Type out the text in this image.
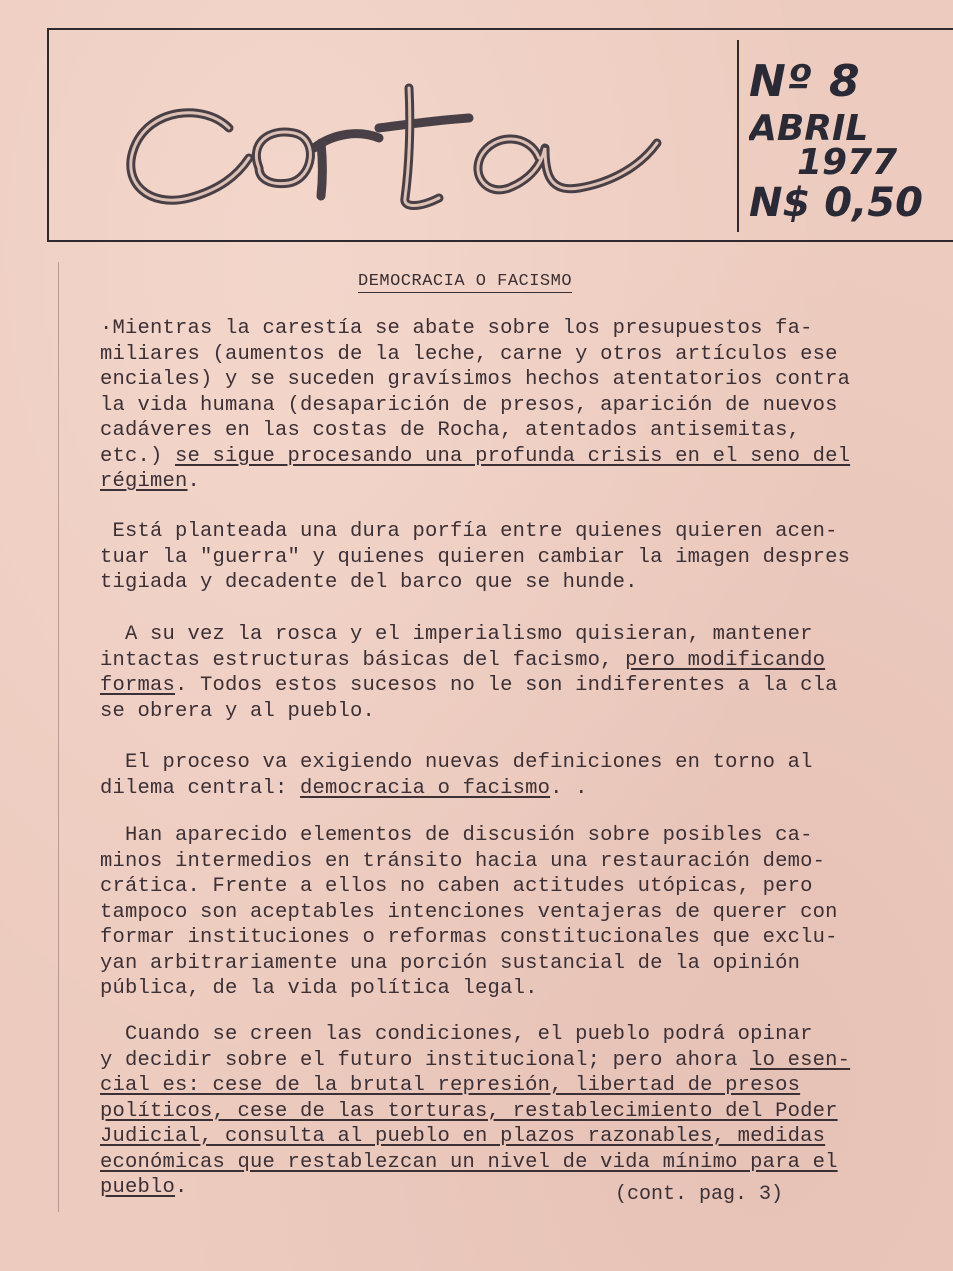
carta
Nº 8
ABRIL
1977
N$ 0,50
DEMOCRACIA O FACISMO
·Mientras la carestía se abate sobre los presupuestos fa-
miliares (aumentos de la leche, carne y otros artículos ese
enciales) y se suceden gravísimos hechos atentatorios contra
la vida humana (desaparición de presos, aparición de nuevos
cadáveres en las costas de Rocha, atentados antisemitas,
etc.) se sigue procesando una profunda crisis en el seno del
régimen.
Está planteada una dura porfía entre quienes quieren acen-
tuar la "guerra" y quienes quieren cambiar la imagen despres
tigiada y decadente del barco que se hunde.
A su vez la rosca y el imperialismo quisieran, mantener
intactas estructuras básicas del facismo, pero modificando
formas. Todos estos sucesos no le son indiferentes a la cla
se obrera y al pueblo.
El proceso va exigiendo nuevas definiciones en torno al
dilema central: democracia o facismo. .
Han aparecido elementos de discusión sobre posibles ca-
minos intermedios en tránsito hacia una restauración demo-
crática. Frente a ellos no caben actitudes utópicas, pero
tampoco son aceptables intenciones ventajeras de querer con
formar instituciones o reformas constitucionales que exclu-
yan arbitrariamente una porción sustancial de la opinión
pública, de la vida política legal.
Cuando se creen las condiciones, el pueblo podrá opinar
y decidir sobre el futuro institucional; pero ahora lo esen-
cial es: cese de la brutal represión, libertad de presos
políticos, cese de las torturas, restablecimiento del Poder
Judicial, consulta al pueblo en plazos razonables, medidas
económicas que restablezcan un nivel de vida mínimo para el
pueblo.	(cont. pag. 3)
